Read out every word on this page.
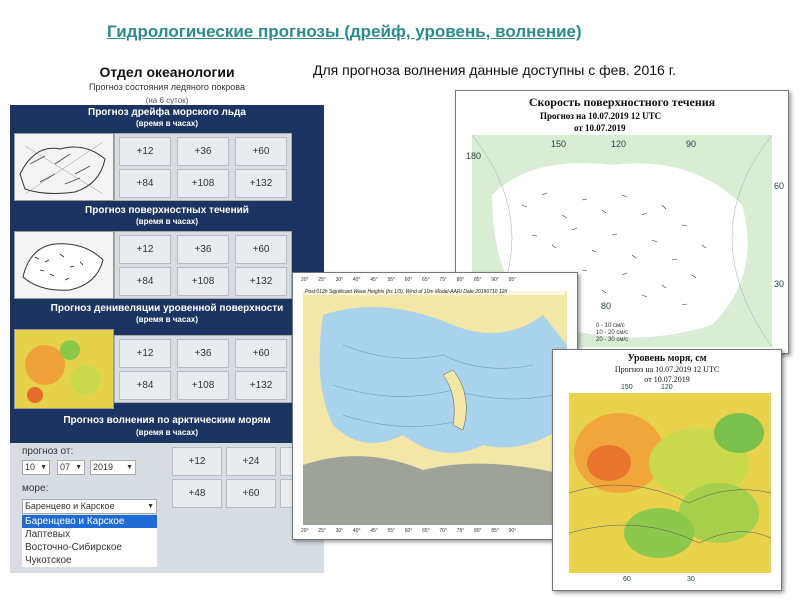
Гидрологические прогнозы (дрейф, уровень, волнение)
Для прогноза волнения данные доступны с фев. 2016 г.
Отдел океанологии
Прогноз состояния ледяного покрова
(на 6 суток)
Прогноз дрейфа морского льда
(время в часах)
+12	+36	+60
+84	+108	+132
Прогноз поверхностных течений
(время в часах)
+12	+36	+60
+84	+108	+132
Прогноз денивеляции уровенной поверхности
(время в часах)
+12	+36	+60
+84	+108	+132
Прогноз волнения по арктическим морям
(время в часах)
прогноз от:
10 ▼	07 ▼	2019 ▼
море:
Баренцево и Карское	▼
Баренцево и Карское
Лаптевых
Восточно-Сибирское
Чукотское
+12	+24
+48	+60
Скорость поверхностного течения
Прогноз на 10.07.2019 12 UTC
от 10.07.2019
150	120	90
180
60
30
80
0 - 10 см/с
10 - 20 см/с
20 - 30 см/с
20° 25° 30° 40° 45° 55° 60° 65° 75° 80° 85° 90° 95°
Post:012h Significant Wave Heights (hs 1/3), Wind of 10m Model-AARI Date:20190710 12h
20° 25° 30° 40° 45° 55° 60° 65° 70° 75° 80° 85° 90°
Уровень моря, см
Прогноз на 10.07.2019 12 UTC
от 10.07.2019
150	120
60	30
